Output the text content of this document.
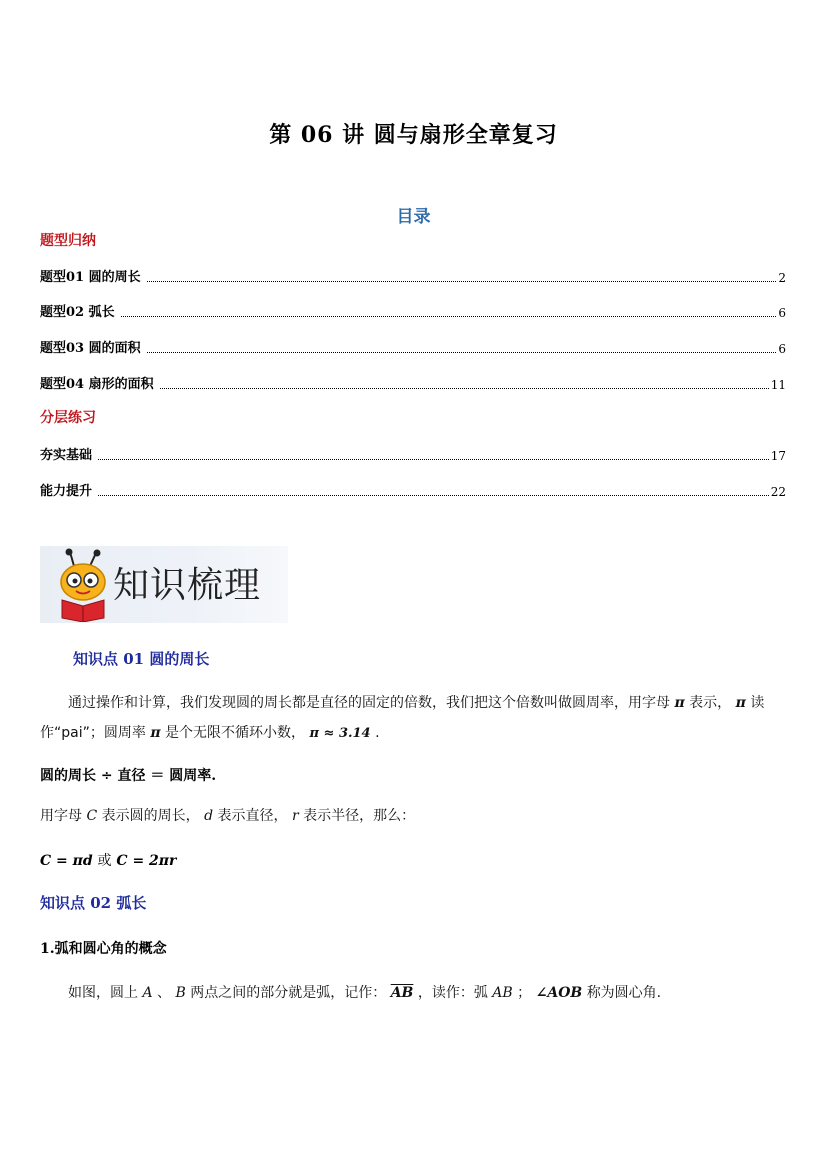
第 06 讲 圆与扇形全章复习
目录
题型归纳
题型01 圆的周长	2
题型02 弧长	6
题型03 圆的面积	6
题型04 扇形的面积	11
分层练习
夯实基础	17
能力提升	22
知识梳理
知识点 01 圆的周长
通过操作和计算，我们发现圆的周长都是直径的固定的倍数，我们把这个倍数叫做圆周率，用字母 π 表示， π 读作“pai”；圆周率 π 是个无限不循环小数， π ≈ 3.14 .
圆的周长 ÷ 直径 ＝ 圆周率.
用字母 C 表示圆的周长， d 表示直径， r 表示半径，那么：
C = πd 或 C = 2πr
知识点 02 弧长
1.弧和圆心角的概念
如图，圆上 A 、 B 两点之间的部分就是弧，记作： $\overline{AB}$ ，读作：弧 AB ； ∠AOB 称为圆心角.
